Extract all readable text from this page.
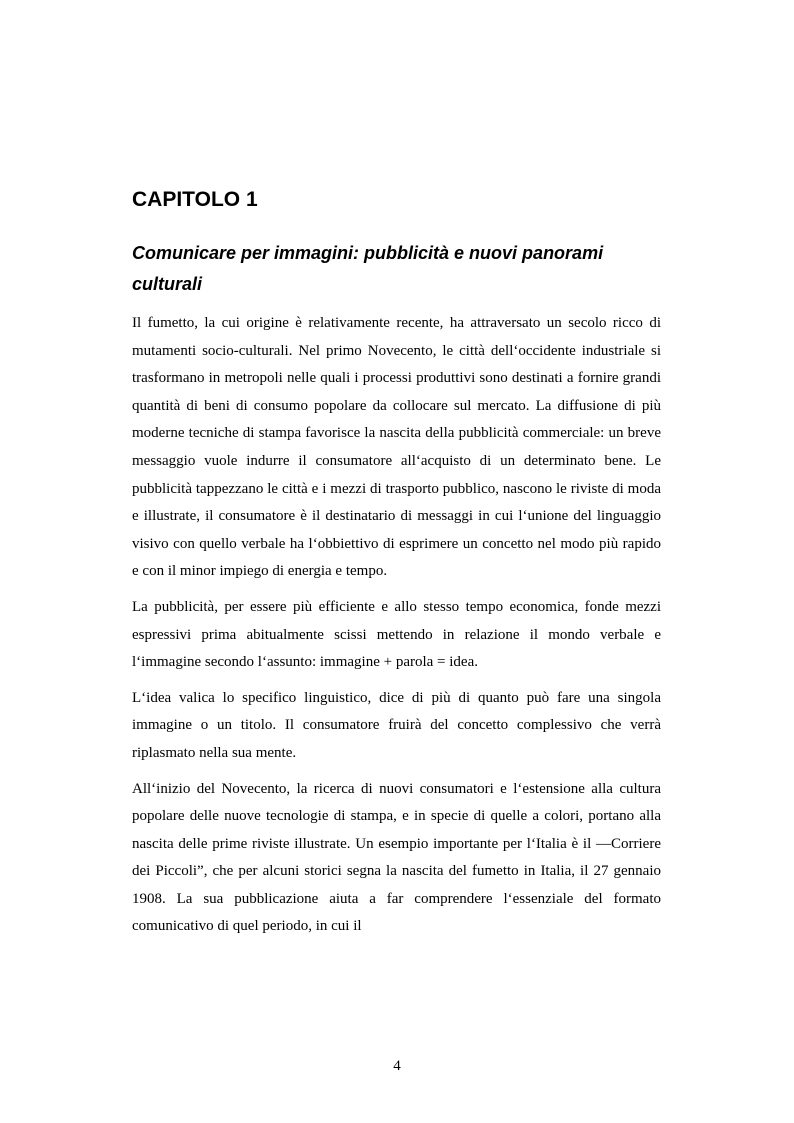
CAPITOLO 1
Comunicare per immagini: pubblicità e nuovi panorami culturali

Il fumetto, la cui origine è relativamente recente, ha attraversato un secolo ricco di mutamenti socio-culturali. Nel primo Novecento, le città dell‘occidente industriale si trasformano in metropoli nelle quali i processi produttivi sono destinati a fornire grandi quantità di beni di consumo popolare da collocare sul mercato. La diffusione di più moderne tecniche di stampa favorisce la nascita della pubblicità commerciale: un breve messaggio vuole indurre il consumatore all‘acquisto di un determinato bene. Le pubblicità tappezzano le città e i mezzi di trasporto pubblico, nascono le riviste di moda e illustrate, il consumatore è il destinatario di messaggi in cui l‘unione del linguaggio visivo con quello verbale ha l‘obbiettivo di esprimere un concetto nel modo più rapido e con il minor impiego di energia e tempo.

La pubblicità, per essere più efficiente e allo stesso tempo economica, fonde mezzi espressivi prima abitualmente scissi mettendo in relazione il mondo verbale e l‘immagine secondo l‘assunto: immagine + parola = idea.

L‘idea valica lo specifico linguistico, dice di più di quanto può fare una singola immagine o un titolo. Il consumatore fruirà del concetto complessivo che verrà riplasmato nella sua mente.

All‘inizio del Novecento, la ricerca di nuovi consumatori e l‘estensione alla cultura popolare delle nuove tecnologie di stampa, e in specie di quelle a colori, portano alla nascita delle prime riviste illustrate. Un esempio importante per l‘Italia è il ―Corriere dei Piccoli”, che per alcuni storici segna la nascita del fumetto in Italia, il 27 gennaio 1908. La sua pubblicazione aiuta a far comprendere l‘essenziale del formato comunicativo di quel periodo, in cui il

4
